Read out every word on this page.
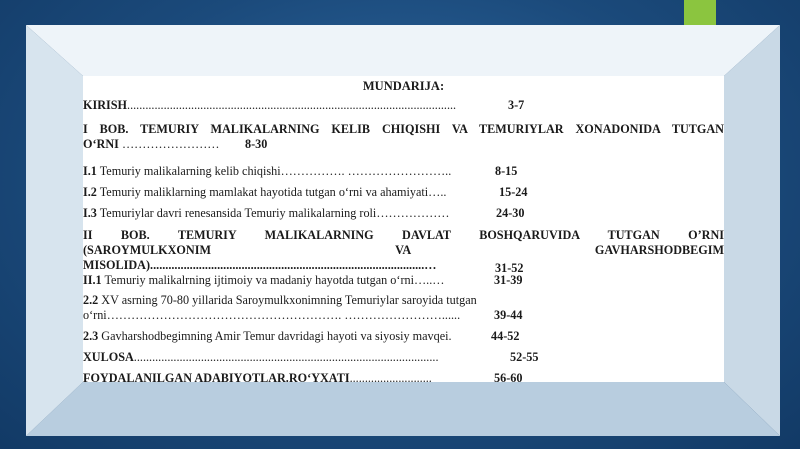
MUNDARIJA:
KIRISH............................................................................................................	3-7
I BOB. TEMURIY MALIKALARNING KELIB CHIQISHI VA TEMURIYLAR XONADONIDA TUTGAN
O‘RNI …………………… 8-30
I.1 Temuriy malikalarning kelib chiqishi……………. ……………………..	8-15
I.2 Temuriy maliklarning mamlakat hayotida tutgan o‘rni va ahamiyati…..	15-24
I.3 Temuriylar davri renesansida Temuriy malikalarning roli………………	24-30
II BOB. TEMURIY MALIKALARNING DAVLAT BOSHQARUVIDA TUTGAN O’RNI
(SAROYMULKXONIM VA GAVHARSHODBEGIM
MISOLIDA)..........................................................................................…	31-52
II.1 Temuriy malikalrning ijtimoiy va madaniy hayotda tutgan o‘rni…..…	31-39
2.2 XV asrning 70-80 yillarida Saroymulkxonimning Temuriylar saroyida tutgan
o‘rni…………………………………………………. ……………………......	39-44
2.3 Gavharshodbegimning Amir Temur davridagi hayoti va siyosiy mavqei.	44-52
XULOSA....................................................................................................	52-55
FOYDALANILGAN ADABIYOTLAR.RO‘YXATI...........................	56-60
